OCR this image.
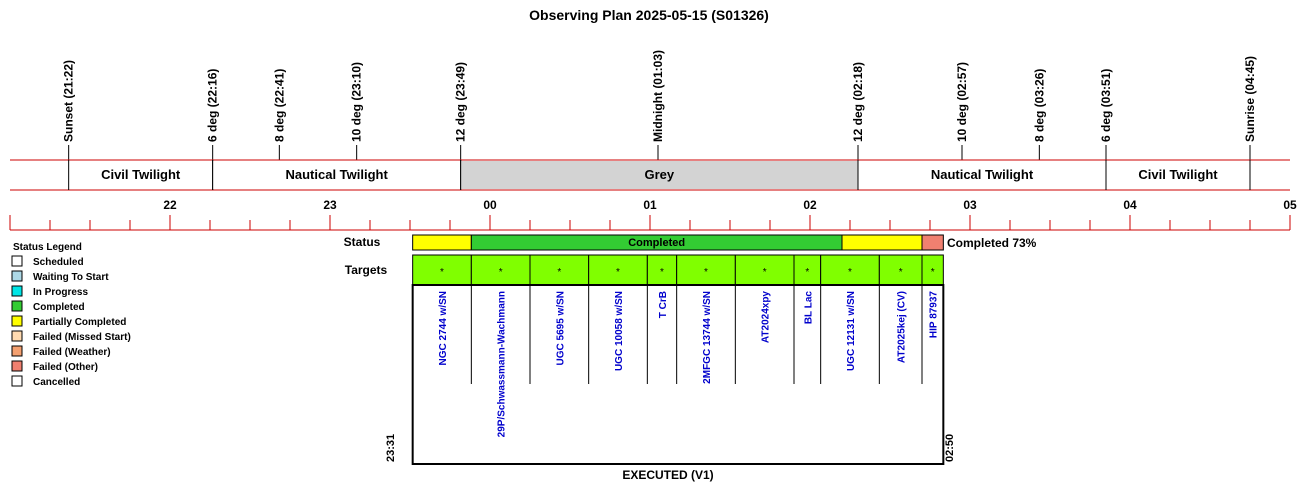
Observing Plan 2025-05-15 (S01326)
Sunset (21:22)	6 deg (22:16)	8 deg (22:41)	10 deg (23:10)	12 deg (23:49)	Midnight (01:03)	12 deg (02:18)	10 deg (02:57)	8 deg (03:26)	6 deg (03:51)	Sunrise (04:45)
Civil Twilight	Nautical Twilight	Grey	Nautical Twilight	Civil Twilight
22	23	00	01	02	03	04	05
Status	Completed 73%
Completed
Targets	*
NGC 2744 w/SN
*
29P/Schwassmann-Wachmann
*
UGC 5695 w/SN
*
UGC 10058 w/SN
*
T CrB
*
2MFGC 13744 w/SN
*
AT2024xpy
*
BL Lac
*
UGC 12131 w/SN
*
AT2025kej (CV)
*
HIP 87937
23:31	02:50
EXECUTED (V1)
Status Legend
Scheduled
Waiting To Start
In Progress
Completed
Partially Completed
Failed (Missed Start)
Failed (Weather)
Failed (Other)
Cancelled
